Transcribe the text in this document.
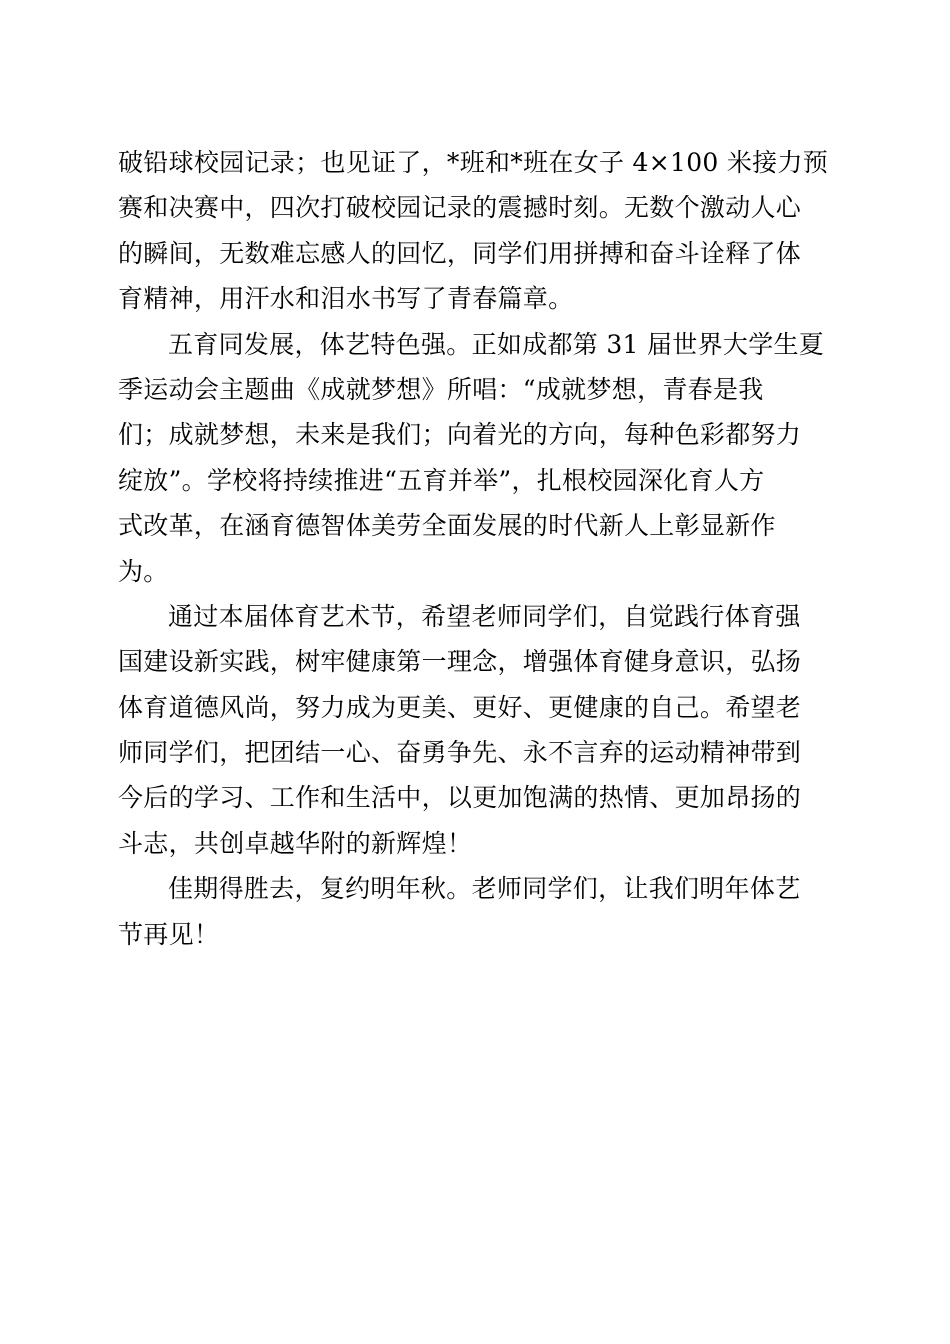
破铅球校园记录；也见证了，*班和*班在女子 4×100 米接力预
赛和决赛中，四次打破校园记录的震撼时刻。无数个激动人心
的瞬间，无数难忘感人的回忆，同学们用拼搏和奋斗诠释了体
育精神，用汗水和泪水书写了青春篇章。
五育同发展，体艺特色强。正如成都第 31 届世界大学生夏
季运动会主题曲《成就梦想》所唱：“成就梦想，青春是我
们；成就梦想，未来是我们；向着光的方向，每种色彩都努力
绽放”。学校将持续推进“五育并举”，扎根校园深化育人方
式改革，在涵育德智体美劳全面发展的时代新人上彰显新作
为。
通过本届体育艺术节，希望老师同学们，自觉践行体育强
国建设新实践，树牢健康第一理念，增强体育健身意识，弘扬
体育道德风尚，努力成为更美、更好、更健康的自己。希望老
师同学们，把团结一心、奋勇争先、永不言弃的运动精神带到
今后的学习、工作和生活中，以更加饱满的热情、更加昂扬的
斗志，共创卓越华附的新辉煌！
佳期得胜去，复约明年秋。老师同学们，让我们明年体艺
节再见！
